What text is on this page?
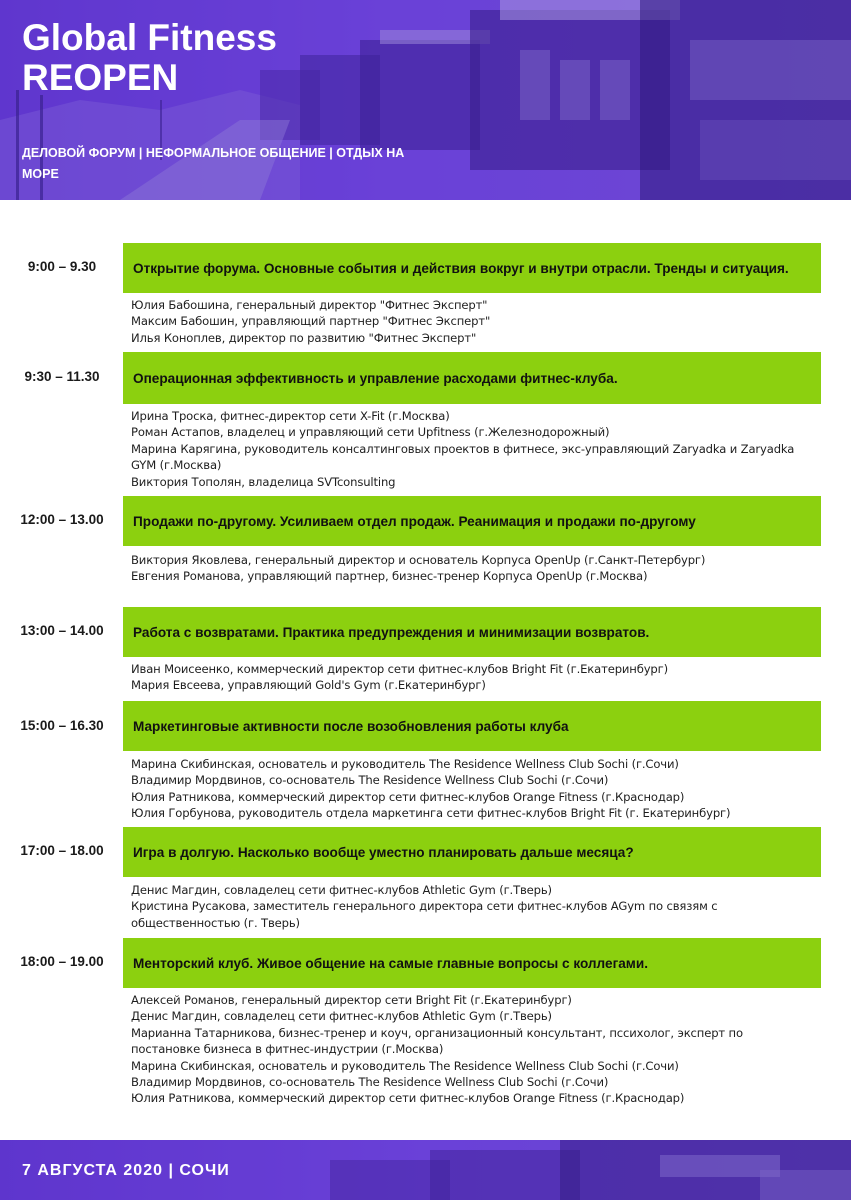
Global Fitness
REOPEN
ДЕЛОВОЙ ФОРУМ | НЕФОРМАЛЬНОЕ ОБЩЕНИЕ | ОТДЫХ НА МОРЕ
9:00 – 9.30	Открытие форума. Основные события и действия вокруг и внутри отрасли. Тренды и ситуация.
Юлия Бабошина, генеральный директор "Фитнес Эксперт"
Максим Бабошин, управляющий партнер "Фитнес Эксперт"
Илья Коноплев, директор по развитию "Фитнес Эксперт"
9:30 – 11.30	Операционная эффективность и управление расходами фитнес-клуба.
Ирина Троска, фитнес-директор сети X-Fit (г.Москва)
Роман Астапов, владелец и управляющий сети Upfitness (г.Железнодорожный)
Марина Карягина, руководитель консалтинговых проектов в фитнесе, экс-управляющий Zaryadka и Zaryadka GYM (г.Москва)
Виктория Тополян, владелица SVTconsulting
12:00 – 13.00	Продажи по-другому. Усиливаем отдел продаж. Реанимация и продажи по-другому
Виктория Яковлева, генеральный директор и основатель Корпуса OpenUp (г.Санкт-Петербург)
Евгения Романова, управляющий партнер, бизнес-тренер Корпуса OpenUp (г.Москва)
13:00 – 14.00	Работа с возвратами. Практика предупреждения и минимизации возвратов.
Иван Моисеенко, коммерческий директор сети фитнес-клубов Bright Fit (г.Екатеринбург)
Мария Евсеева, управляющий Gold's Gym (г.Екатеринбург)
15:00 – 16.30	Маркетинговые активности после возобновления работы клуба
Марина Скибинская, основатель и руководитель The Residence Wellness Club Sochi (г.Сочи)
Владимир Мордвинов, со-основатель The Residence Wellness Club Sochi (г.Сочи)
Юлия Ратникова, коммерческий директор сети фитнес-клубов Orange Fitness (г.Краснодар)
Юлия Горбунова, руководитель отдела маркетинга сети фитнес-клубов Bright Fit (г. Екатеринбург)
17:00 – 18.00	Игра в долгую. Насколько вообще уместно планировать дальше месяца?
Денис Магдин, совладелец сети фитнес-клубов Athletic Gym (г.Тверь)
Кристина Русакова, заместитель генерального директора сети фитнес-клубов AGym по связям с общественностью (г. Тверь)
18:00 – 19.00	Менторский клуб. Живое общение на самые главные вопросы с коллегами.
Алексей Романов, генеральный директор сети Bright Fit (г.Екатеринбург)
Денис Магдин, совладелец сети фитнес-клубов Athletic Gym (г.Тверь)
Марианна Татарникова, бизнес-тренер и коуч, организационный консультант, пссихолог, эксперт по постановке бизнеса в фитнес-индустрии (г.Москва)
Марина Скибинская, основатель и руководитель The Residence Wellness Club Sochi (г.Сочи)
Владимир Мордвинов, со-основатель The Residence Wellness Club Sochi (г.Сочи)
Юлия Ратникова, коммерческий директор сети фитнес-клубов Orange Fitness (г.Краснодар)
7 АВГУСТА 2020 | СОЧИ
